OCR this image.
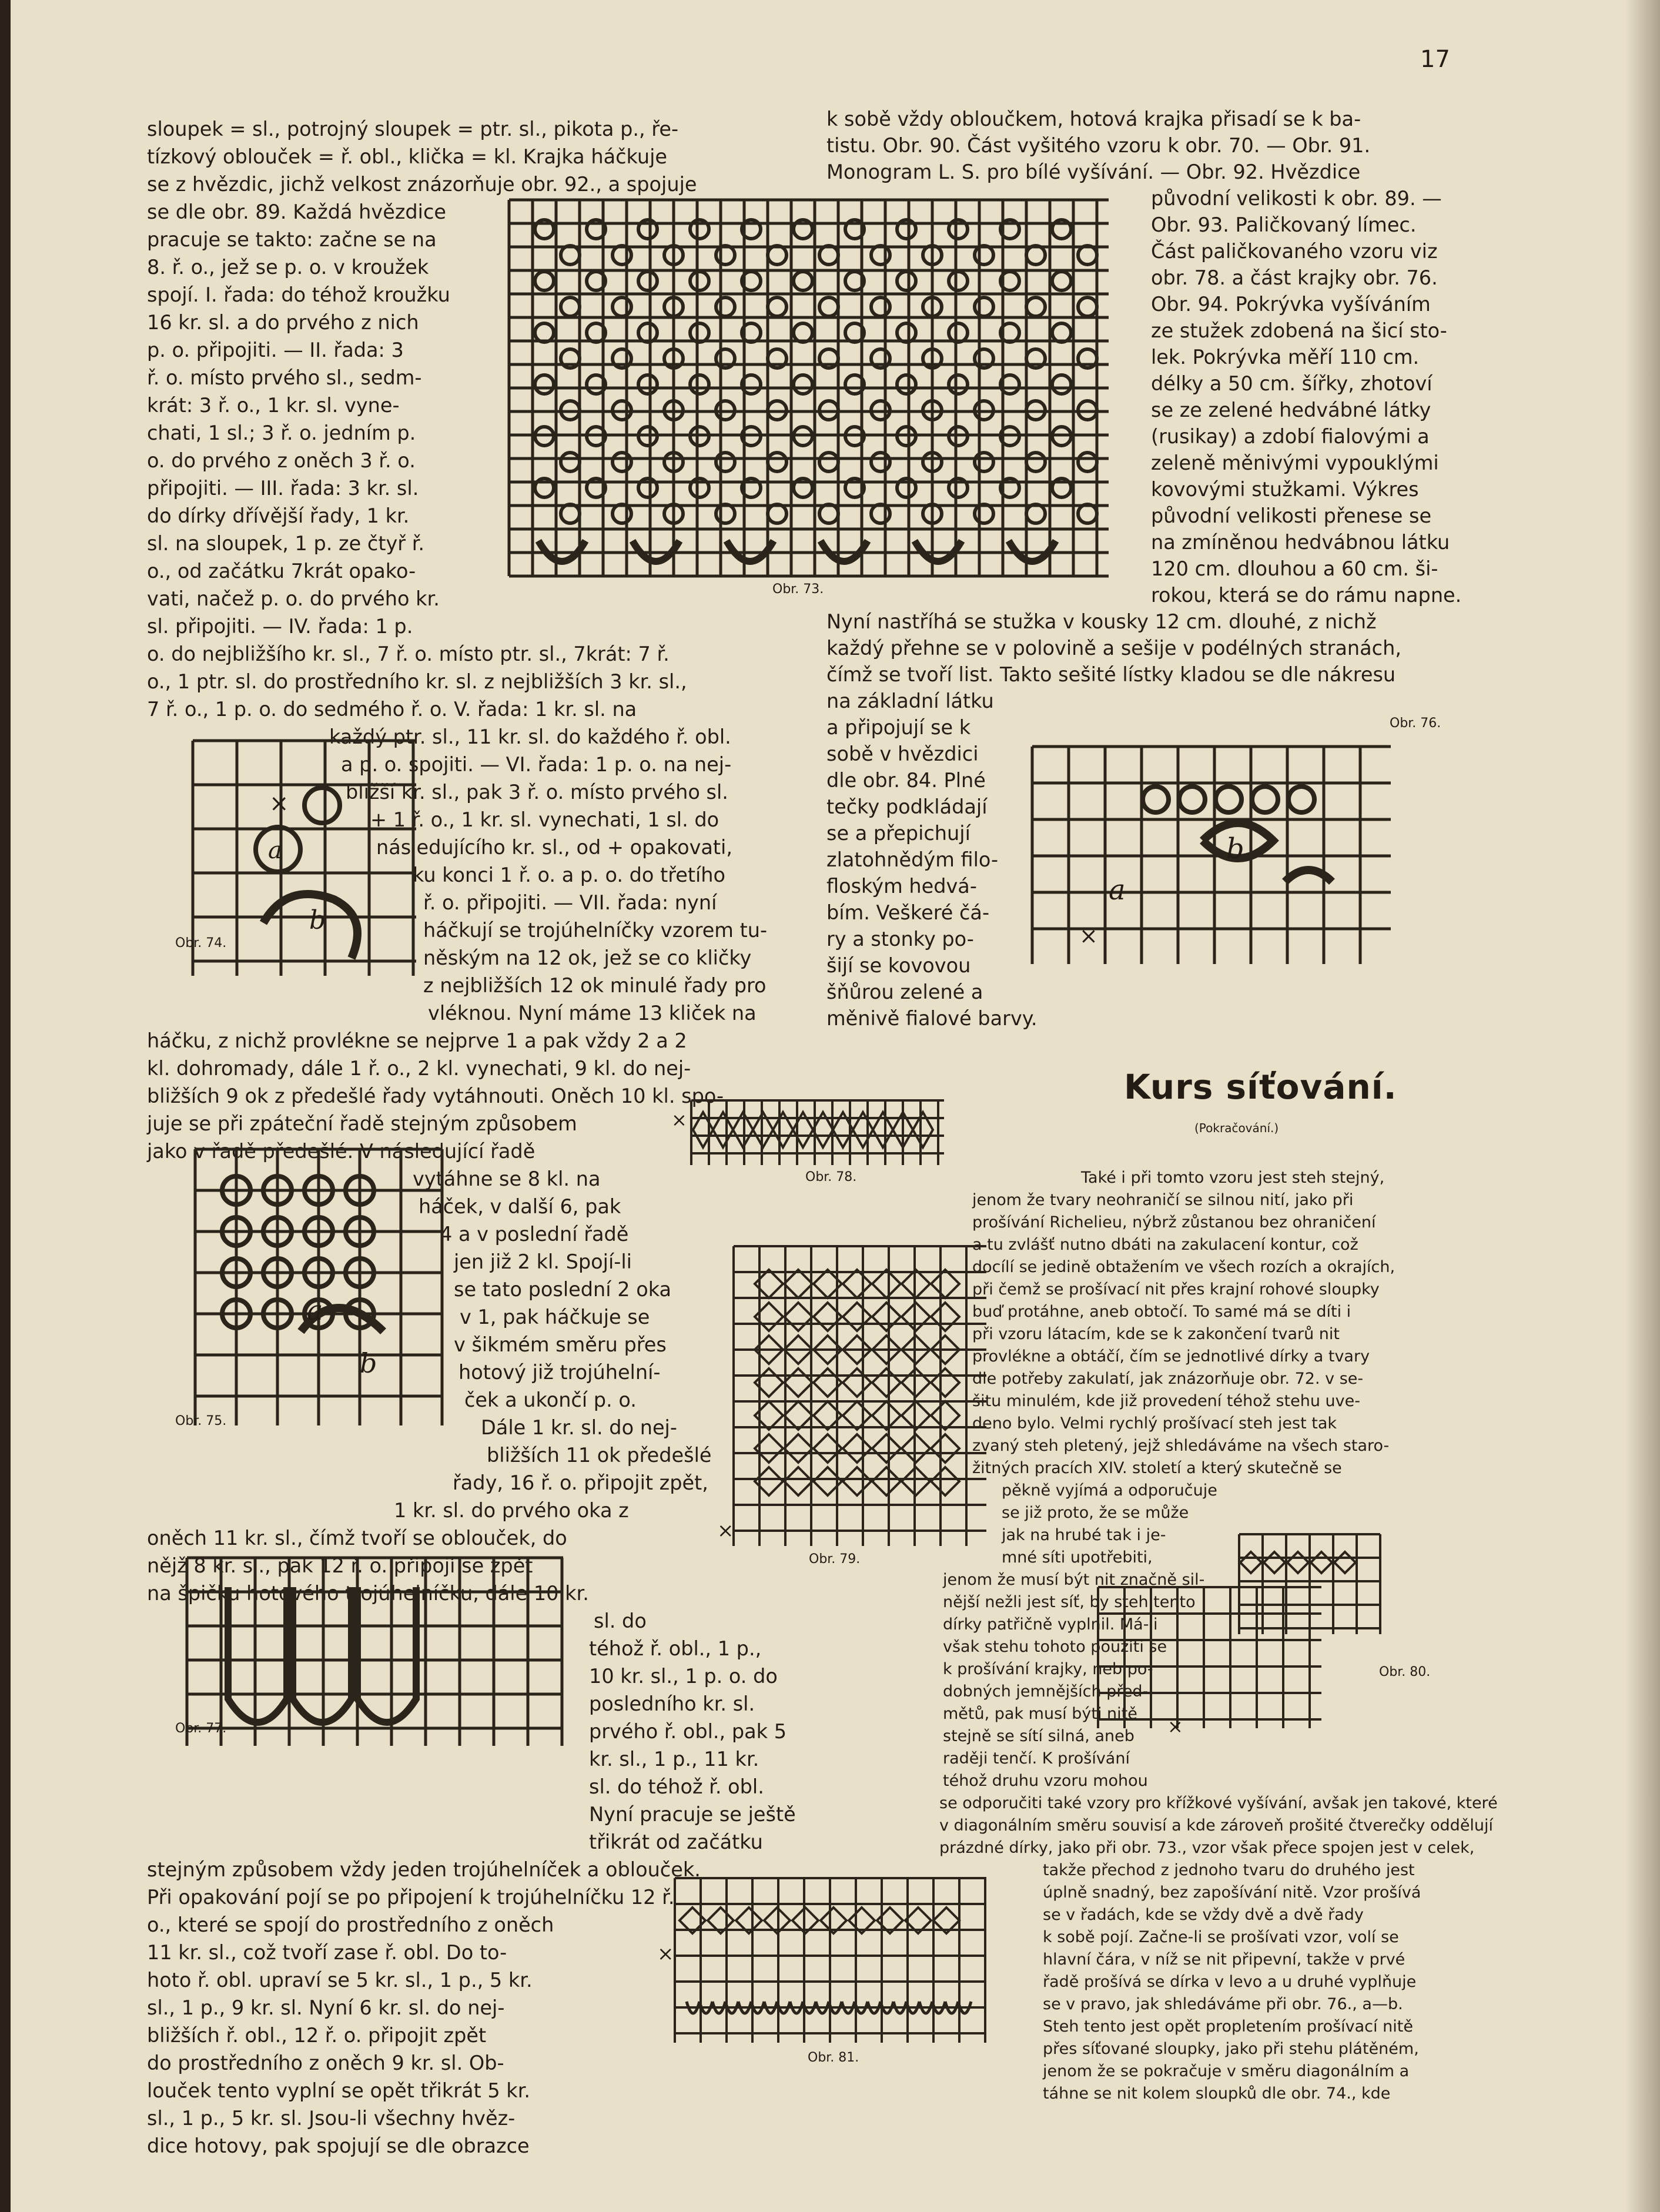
17

sloupek = sl., potrojný sloupek = ptr. sl., pikota p., ře-

tízkový oblouček = ř. obl., klička = kl. Krajka háčkuje

se z hvězdic, jichž velkost znázorňuje obr. 92., a spojuje

se dle obr. 89. Každá hvězdice

pracuje se takto: začne se na

8. ř. o., jež se p. o. v kroužek

spojí. I. řada: do téhož kroužku

16 kr. sl. a do prvého z nich

p. o. připojiti. — II. řada: 3

ř. o. místo prvého sl., sedm-

krát: 3 ř. o., 1 kr. sl. vyne-

chati, 1 sl.; 3 ř. o. jedním p.

o. do prvého z oněch 3 ř. o.

připojiti. — III. řada: 3 kr. sl.

do dírky dřívější řady, 1 kr.

sl. na sloupek, 1 p. ze čtyř ř.

o., od začátku 7krát opako-

vati, načež p. o. do prvého kr.

sl. připojiti. — IV. řada: 1 p.

o. do nejbližšího kr. sl., 7 ř. o. místo ptr. sl., 7krát: 7 ř.

o., 1 ptr. sl. do prostředního kr. sl. z nejbližších 3 kr. sl.,

7 ř. o., 1 p. o. do sedmého ř. o. V. řada: 1 kr. sl. na

každý ptr. sl., 11 kr. sl. do každého ř. obl.

a p. o. spojiti. — VI. řada: 1 p. o. na nej-

bližší kr. sl., pak 3 ř. o. místo prvého sl.

+ 1 ř. o., 1 kr. sl. vynechati, 1 sl. do

následujícího kr. sl., od + opakovati,

ku konci 1 ř. o. a p. o. do třetího

ř. o. připojiti. — VII. řada: nyní

háčkují se trojúhelníčky vzorem tu-

něským na 12 ok, jež se co kličky

z nejbližších 12 ok minulé řady pro

vléknou. Nyní máme 13 kliček na

háčku, z nichž provlékne se nejprve 1 a pak vždy 2 a 2

kl. dohromady, dále 1 ř. o., 2 kl. vynechati, 9 kl. do nej-

bližších 9 ok z předešlé řady vytáhnouti. Oněch 10 kl. spo-

juje se při zpáteční řadě stejným způsobem

jako v řadě předešlé. V následující řadě

vytáhne se 8 kl. na

háček, v další 6, pak

4 a v poslední řadě

jen již 2 kl. Spojí-li

se tato poslední 2 oka

v 1, pak háčkuje se

v šikmém směru přes

hotový již trojúhelní-

ček a ukončí p. o.

Dále 1 kr. sl. do nej-

bližších 11 ok předešlé

řady, 16 ř. o. připojit zpět,

1 kr. sl. do prvého oka z

oněch 11 kr. sl., čímž tvoří se oblouček, do

nějž 8 kr. sl., pak 12 ř. o. připojí se zpět

na špičku hotového trojúhelníčku, dále 10 kr.

sl. do

téhož ř. obl., 1 p.,

10 kr. sl., 1 p. o. do

posledního kr. sl.

prvého ř. obl., pak 5

kr. sl., 1 p., 11 kr.

sl. do téhož ř. obl.

Nyní pracuje se ještě

třikrát od začátku

stejným způsobem vždy jeden trojúhelníček a oblouček.

Při opakování pojí se po připojení k trojúhelníčku 12 ř.

o., které se spojí do prostředního z oněch

11 kr. sl., což tvoří zase ř. obl. Do to-

hoto ř. obl. upraví se 5 kr. sl., 1 p., 5 kr.

sl., 1 p., 9 kr. sl. Nyní 6 kr. sl. do nej-

bližších ř. obl., 12 ř. o. připojit zpět

do prostředního z oněch 9 kr. sl. Ob-

louček tento vyplní se opět třikrát 5 kr.

sl., 1 p., 5 kr. sl. Jsou-li všechny hvěz-

dice hotovy, pak spojují se dle obrazce

k sobě vždy obloučkem, hotová krajka přisadí se k ba-

tistu. Obr. 90. Část vyšitého vzoru k obr. 70. — Obr. 91.

Monogram L. S. pro bílé vyšívání. — Obr. 92. Hvězdice

původní velikosti k obr. 89. —

Obr. 93. Paličkovaný límec.

Část paličkovaného vzoru viz

obr. 78. a část krajky obr. 76.

Obr. 94. Pokrývka vyšíváním

ze stužek zdobená na šicí sto-

lek. Pokrývka měří 110 cm.

délky a 50 cm. šířky, zhotoví

se ze zelené hedvábné látky

(rusikay) a zdobí fialovými a

zeleně měnivými vypouklými

kovovými stužkami. Výkres

původní velikosti přenese se

na zmíněnou hedvábnou látku

120 cm. dlouhou a 60 cm. ši-

rokou, která se do rámu napne.

Nyní nastříhá se stužka v kousky 12 cm. dlouhé, z nichž

každý přehne se v polovině a sešije v podélných stranách,

čímž se tvoří list. Takto sešité lístky kladou se dle nákresu

na základní látku

a připojují se k

sobě v hvězdici

dle obr. 84. Plné

tečky podkládají

se a přepichují

zlatohnědým filo-

floským hedvá-

bím. Veškeré čá-

ry a stonky po-

šijí se kovovou

šňůrou zelené a

měnivě fialové barvy.

Také i při tomto vzoru jest steh stejný,

jenom že tvary neohraničí se silnou nití, jako při

prošívání Richelieu, nýbrž zůstanou bez ohraničení

a tu zvlášť nutno dbáti na zakulacení kontur, což

docílí se jedině obtažením ve všech rozích a okrajích,

při čemž se prošívací nit přes krajní rohové sloupky

buď protáhne, aneb obtočí. To samé má se díti i

při vzoru látacím, kde se k zakončení tvarů nit

provlékne a obtáčí, čím se jednotlivé dírky a tvary

dle potřeby zakulatí, jak znázorňuje obr. 72. v se-

šitu minulém, kde již provedení téhož stehu uve-

deno bylo. Velmi rychlý prošívací steh jest tak

zvaný steh pletený, jejž shledáváme na všech staro-

žitných pracích XIV. století a který skutečně se

pěkně vyjímá a odporučuje

se již proto, že se může

jak na hrubé tak i je-

mné síti upotřebiti,

jenom že musí být nit značně sil-

nější nežli jest síť, by steh tento

dírky patřičně vyplnil. Má-li

však stehu tohoto použíti se

k prošívání krajky, neb po-

dobných jemnějších před-

mětů, pak musí býti nitě

stejně se sítí silná, aneb

raději tenčí. K prošívání

téhož druhu vzoru mohou

se odporučiti také vzory pro křížkové vyšívání, avšak jen takové, které

v diagonálním směru souvisí a kde zároveň prošité čtverečky oddělují

prázdné dírky, jako při obr. 73., vzor však přece spojen jest v celek,

takže přechod z jednoho tvaru do druhého jest

úplně snadný, bez zapošívání nitě. Vzor prošívá

se v řadách, kde se vždy dvě a dvě řady

k sobě pojí. Začne-li se prošívati vzor, volí se

hlavní čára, v níž se nit připevní, takže v prvé

řadě prošívá se dírka v levo a u druhé vyplňuje

se v pravo, jak shledáváme při obr. 76., a—b.

Steh tento jest opět propletením prošívací nitě

přes síťované sloupky, jako při stehu plátěném,

jenom že se pokračuje v směru diagonálním a

táhne se nit kolem sloupků dle obr. 74., kde

Kurs síťování.
(Pokračování.)
Obr. 73.
×
a
b
Obr. 74.
a
b
Obr. 75.
a
b
×
Obr. 76.
Obr. 77.
×
Obr. 78.
×
Obr. 79.
×
Obr. 80.
×
Obr. 81.
